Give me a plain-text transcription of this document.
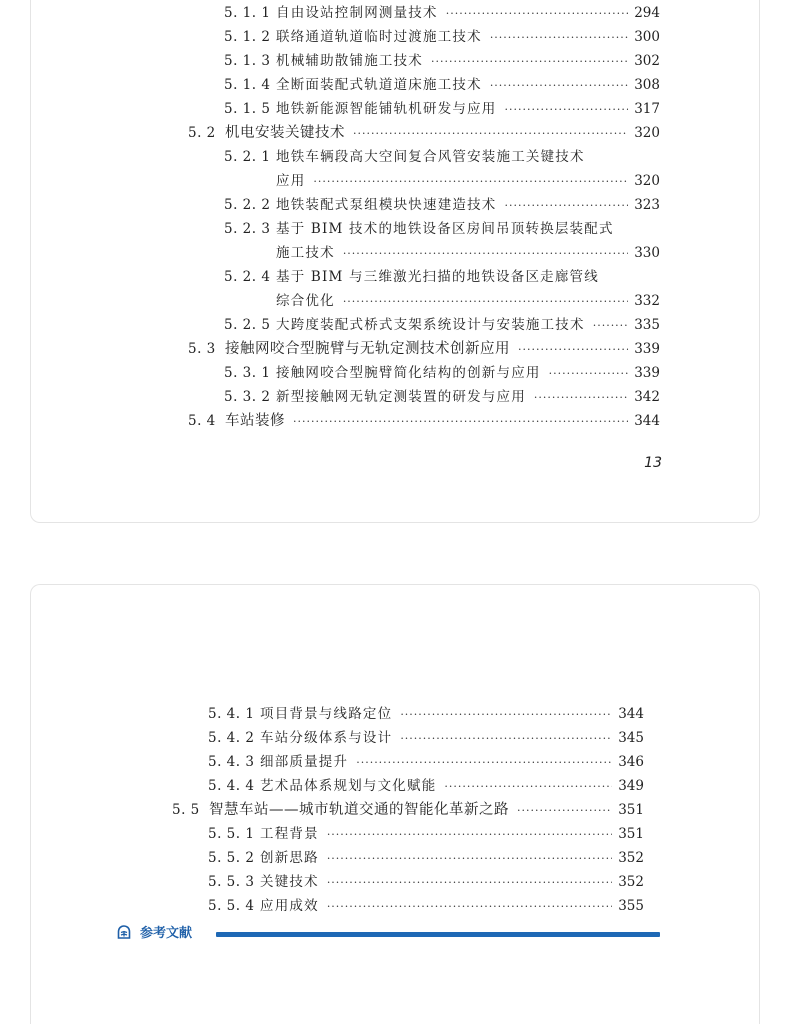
5. 1. 1 自由设站控制网测量技术 ·····	294
5. 1. 2 联络通道轨道临时过渡施工技术 ·····	300
5. 1. 3 机械辅助散铺施工技术 ·····	302
5. 1. 4 全断面装配式轨道道床施工技术 ·····	308
5. 1. 5 地铁新能源智能铺轨机研发与应用 ·····	317
5. 2 机电安装关键技术 ·····	320
5. 2. 1 地铁车辆段高大空间复合风管安装施工关键技术
应用 ·····	320
5. 2. 2 地铁装配式泵组模块快速建造技术 ·····	323
5. 2. 3 基于 BIM 技术的地铁设备区房间吊顶转换层装配式
施工技术 ·····	330
5. 2. 4 基于 BIM 与三维激光扫描的地铁设备区走廊管线
综合优化 ·····	332
5. 2. 5 大跨度装配式桥式支架系统设计与安装施工技术 ·····	335
5. 3 接触网咬合型腕臂与无轨定测技术创新应用 ·····	339
5. 3. 1 接触网咬合型腕臂简化结构的创新与应用 ·····	339
5. 3. 2 新型接触网无轨定测装置的研发与应用 ·····	342
5. 4 车站装修 ·····	344
13
5. 4. 1 项目背景与线路定位 ·····	344
5. 4. 2 车站分级体系与设计 ·····	345
5. 4. 3 细部质量提升 ·····	346
5. 4. 4 艺术品体系规划与文化赋能 ·····	349
5. 5 智慧车站——城市轨道交通的智能化革新之路 ·····	351
5. 5. 1 工程背景 ·····	351
5. 5. 2 创新思路 ·····	352
5. 5. 3 关键技术 ·····	352
5. 5. 4 应用成效 ·····	355
参考文献
